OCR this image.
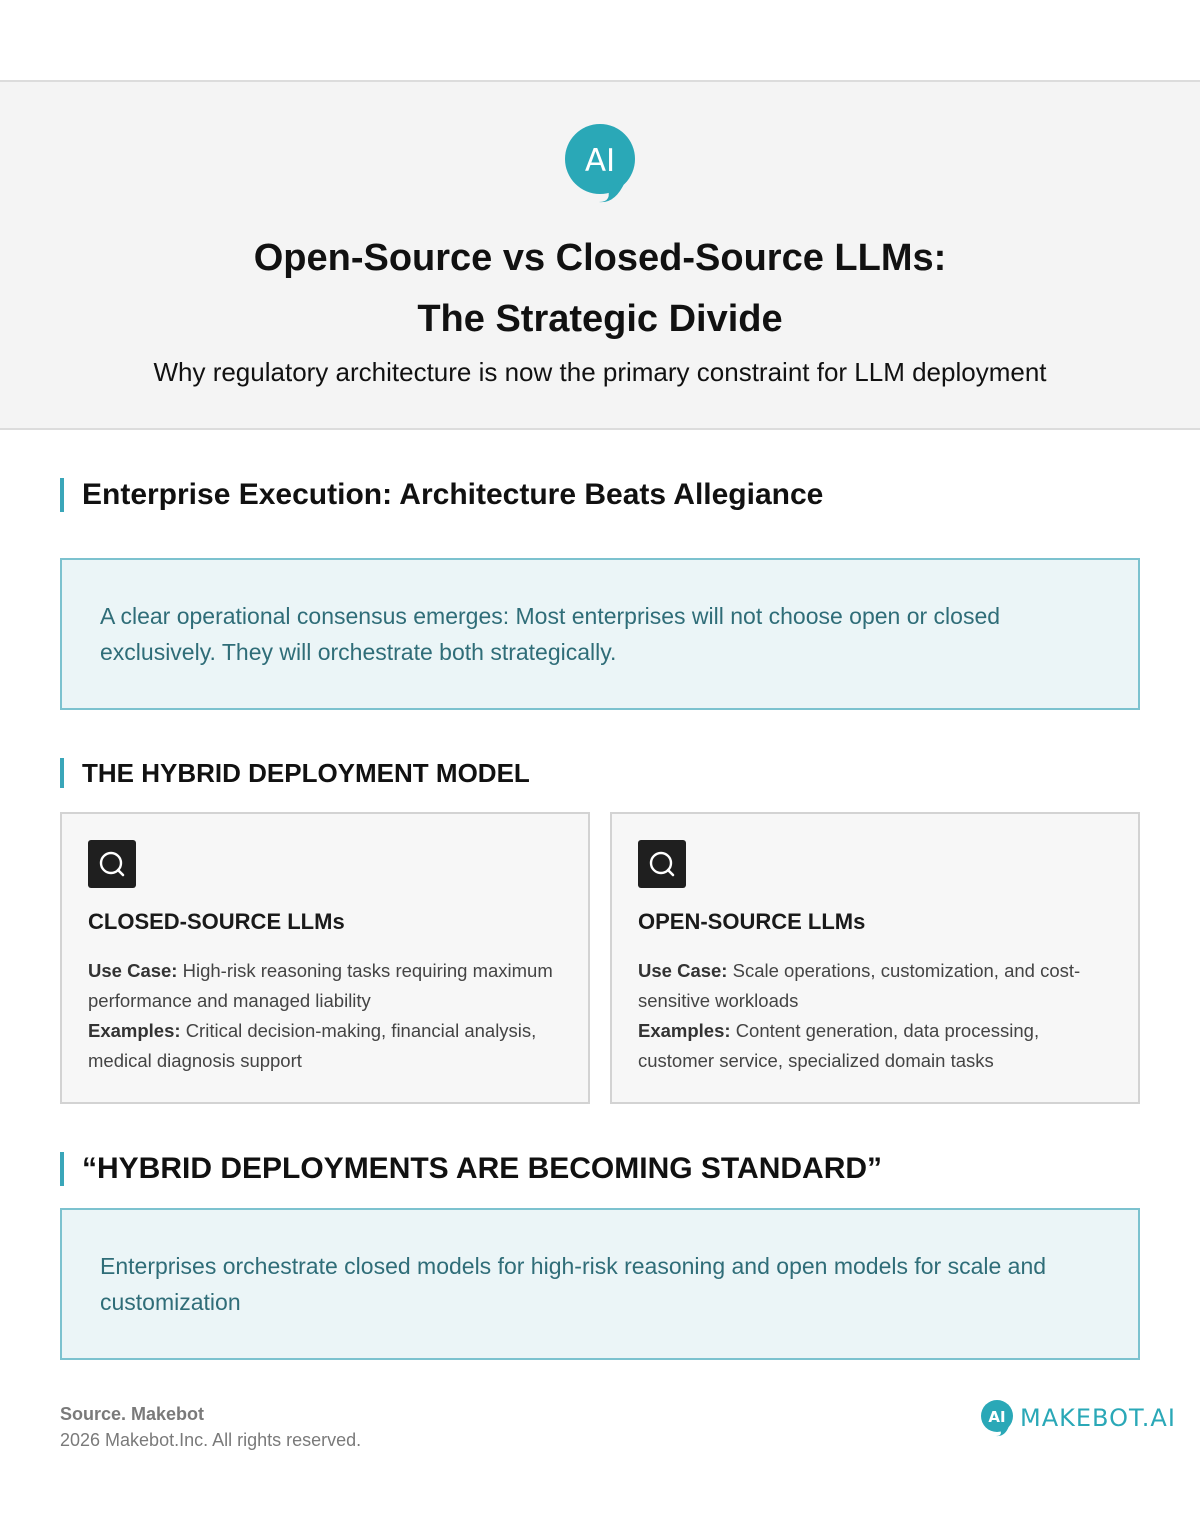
AI
Open-Source vs Closed-Source LLMs:
The Strategic Divide
Why regulatory architecture is now the primary constraint for LLM deployment
Enterprise Execution: Architecture Beats Allegiance
A clear operational consensus emerges: Most enterprises will not choose open or closed exclusively. They will orchestrate both strategically.
THE HYBRID DEPLOYMENT MODEL
CLOSED-SOURCE LLMs
Use Case: High-risk reasoning tasks requiring maximum performance and managed liability
Examples: Critical decision-making, financial analysis, medical diagnosis support
OPEN-SOURCE LLMs
Use Case: Scale operations, customization, and cost-sensitive workloads
Examples: Content generation, data processing, customer service, specialized domain tasks
“HYBRID DEPLOYMENTS ARE BECOMING STANDARD”
Enterprises orchestrate closed models for high-risk reasoning and open models for scale and customization
Source. Makebot
2026 Makebot.Inc. All rights reserved.
AI MAKEBOT.AI
